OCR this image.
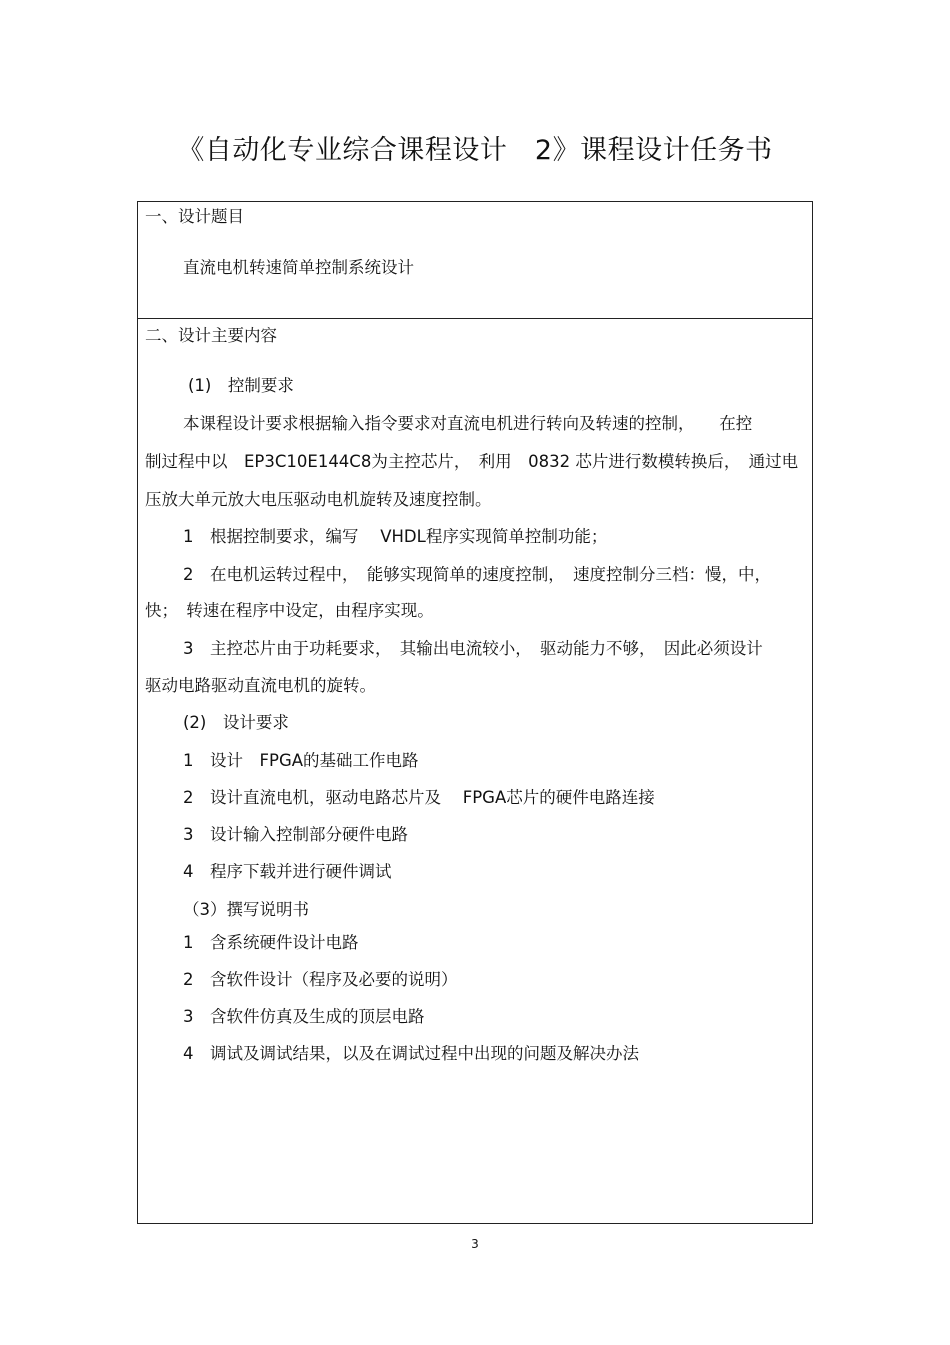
《自动化专业综合课程设计　2》课程设计任务书
一、设计题目
直流电机转速简单控制系统设计
二、设计主要内容
(1)　控制要求
本课程设计要求根据输入指令要求对直流电机进行转向及转速的控制，　　在控
制过程中以　EP3C10E144C8为主控芯片，　利用　0832 芯片进行数模转换后，　通过电
压放大单元放大电压驱动电机旋转及速度控制。
1　根据控制要求，编写　 VHDL程序实现简单控制功能；
2　在电机运转过程中，　能够实现简单的速度控制，　速度控制分三档：慢，中，
快；　转速在程序中设定，由程序实现。
3　主控芯片由于功耗要求，　其输出电流较小，　驱动能力不够，　因此必须设计
驱动电路驱动直流电机的旋转。
(2)　设计要求
1　设计　FPGA的基础工作电路
2　设计直流电机，驱动电路芯片及　 FPGA芯片的硬件电路连接
3　设计输入控制部分硬件电路
4　程序下载并进行硬件调试
（3）撰写说明书
1　含系统硬件设计电路
2　含软件设计（程序及必要的说明）
3　含软件仿真及生成的顶层电路
4　调试及调试结果，以及在调试过程中出现的问题及解决办法
3
